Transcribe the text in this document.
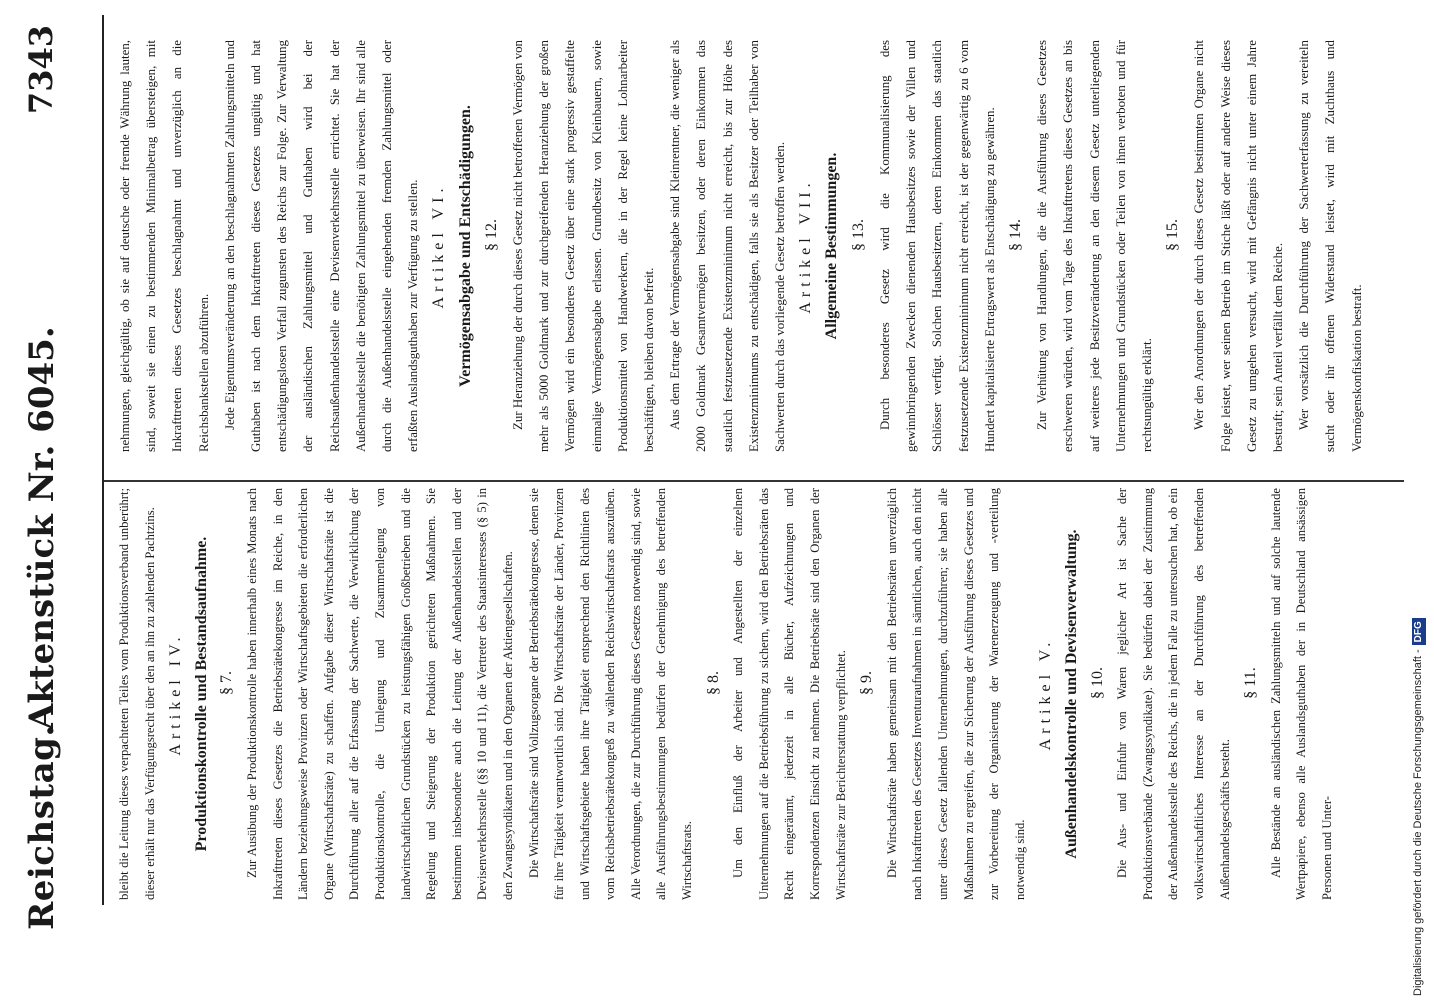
Reichstag.
Aktenstück Nr. 6045.
7343

bleibt die Leitung dieses verpachteten Teiles vom Produktionsverband unberührt; dieser erhält nur das Verfügungsrecht über den an ihn zu zahlenden Pachtzins. Artikel IV. Produktionskontrolle und Bestandsaufnahme. § 7. Zur Ausübung der Produktionskontrolle haben innerhalb eines Monats nach Inkrafttreten dieses Gesetzes die Betriebsrätekongresse im Reiche, in den Ländern beziehungsweise Provinzen oder Wirtschaftsgebieten die erforderlichen Organe (Wirtschaftsräte) zu schaffen. Aufgabe dieser Wirtschaftsräte ist die Durchführung aller auf die Erfassung der Sachwerte, die Verwirklichung der Produktionskontrolle, die Umlegung und Zusammenlegung von landwirtschaftlichen Grundstücken zu leistungsfähigen Großbetrieben und die Regelung und Steigerung der Produktion gerichteten Maßnahmen. Sie bestimmen insbesondere auch die Leitung der Außenhandelsstellen und der Devisenverkehrsstelle (§§ 10 und 11), die Vertreter des Staatsinteresses (§ 5) in den Zwangssyndikaten und in den Organen der Aktiengesellschaften. Die Wirtschaftsräte sind Vollzugsorgane der Betriebsrätekongresse, denen sie für ihre Tätigkeit verantwortlich sind. Die Wirtschaftsräte der Länder, Provinzen und Wirtschaftsgebiete haben ihre Tätigkeit entsprechend den Richtlinien des vom Reichsbetriebsrätekongreß zu wählenden Reichswirtschaftsrats auszuüben. Alle Verordnungen, die zur Durchführung dieses Gesetzes notwendig sind, sowie alle Ausführungsbestimmungen bedürfen der Genehmigung des betreffenden Wirtschaftsrats.

§ 8. Um den Einfluß der Arbeiter und Angestellten der einzelnen Unternehmungen auf die Betriebsführung zu sichern, wird den Betriebsräten das Recht eingeräumt, jederzeit in alle Bücher, Aufzeichnungen und Korrespondenzen Einsicht zu nehmen. Die Betriebsräte sind den Organen der Wirtschaftsräte zur Berichterstattung verpflichtet. § 9. Die Wirtschaftsräte haben gemeinsam mit den Betriebsräten unverzüglich nach Inkrafttreten des Gesetzes Inventuraufnahmen in sämtlichen, auch den nicht unter dieses Gesetz fallenden Unternehmungen, durchzuführen; sie haben alle Maßnahmen zu ergreifen, die zur Sicherung der Ausführung dieses Gesetzes und zur Vorbereitung der Organisierung der Warenerzeugung und -verteilung notwendig sind.

Artikel V. Außenhandelskontrolle und Devisenverwaltung. § 10. Die Aus- und Einfuhr von Waren jeglicher Art ist Sache der Produktionsverbände (Zwangssyndikate). Sie bedürfen dabei der Zustimmung der Außenhandelsstelle des Reichs, die in jedem Falle zu untersuchen hat, ob ein volkswirtschaftliches Interesse an der Durchführung des betreffenden Außenhandelsgeschäfts besteht.

§ 11. Alle Bestände an ausländischen Zahlungsmitteln und auf solche lautende Wertpapiere, ebenso alle Auslandsguthaben der in Deutschland ansässigen Personen und Unter-

nehmungen, gleichgültig, ob sie auf deutsche oder fremde Währung lauten, sind, soweit sie einen zu bestimmenden Minimalbetrag übersteigen, mit Inkrafttreten dieses Gesetzes beschlagnahmt und unverzüglich an die Reichsbankstellen abzuführen. Jede Eigentumsveränderung an den beschlagnahmten Zahlungsmitteln und Guthaben ist nach dem Inkrafttreten dieses Gesetzes ungültig und hat entschädigungslosen Verfall zugunsten des Reichs zur Folge. Zur Verwaltung der ausländischen Zahlungsmittel und Guthaben wird bei der Reichsaußenhandelsstelle eine Devisenverkehrsstelle errichtet. Sie hat der Außenhandelsstelle die benötigten Zahlungsmittel zu überweisen. Ihr sind alle durch die Außenhandelsstelle eingehenden fremden Zahlungsmittel oder erfaßten Auslandsguthaben zur Verfügung zu stellen. Artikel VI. Vermögensabgabe und Entschädigungen. § 12. Zur Heranziehung der durch dieses Gesetz nicht betroffenen Vermögen von mehr als 5000 Goldmark und zur durchgreifenden Heranziehung der großen Vermögen wird ein besonderes Gesetz über eine stark progressiv gestaffelte einmalige Vermögensabgabe erlassen. Grundbesitz von Kleinbauern, sowie Produktionsmittel von Handwerkern, die in der Regel keine Lohnarbeiter beschäftigen, bleiben davon befreit. Aus dem Ertrage der Vermögensabgabe sind Kleinrentner, die weniger als 2000 Goldmark Gesamtvermögen besitzen, oder deren Einkommen das staatlich festzusetzende Existenzminimum nicht erreicht, bis zur Höhe des Existenzminimums zu entschädigen, falls sie als Besitzer oder Teilhaber von Sachwerten durch das vorliegende Gesetz betroffen werden. Artikel VII. Allgemeine Bestimmungen. § 13. Durch besonderes Gesetz wird die Kommunalisierung des gewinnbringenden Zwecken dienenden Hausbesitzes sowie der Villen und Schlösser verfügt. Solchen Hausbesitzern, deren Einkommen das staatlich festzusetzende Existenzminimum nicht erreicht, ist der gegenwärtig zu 6 vom Hundert kapitalisierte Ertragswert als Entschädigung zu gewähren. § 14. Zur Verhütung von Handlungen, die die Ausführung dieses Gesetzes erschweren würden, wird vom Tage des Inkrafttretens dieses Gesetzes an bis auf weiteres jede Besitzveränderung an den diesem Gesetz unterliegenden Unternehmungen und Grundstücken oder Teilen von ihnen verboten und für rechtsungültig erklärt.

§ 15. Wer den Anordnungen der durch dieses Gesetz bestimmten Organe nicht Folge leistet, wer seinen Betrieb im Stiche läßt oder auf andere Weise dieses Gesetz zu umgehen versucht, wird mit Gefängnis nicht unter einem Jahre bestraft; sein Anteil verfällt dem Reiche. Wer vorsätzlich die Durchführung der Sachwerterfassung zu vereiteln sucht oder ihr offenen Widerstand leistet, wird mit Zuchthaus und Vermögenskonfiskation bestraft.

Digitalisierung gefördert durch die Deutsche Forschungsgemeinschaft -DFG
